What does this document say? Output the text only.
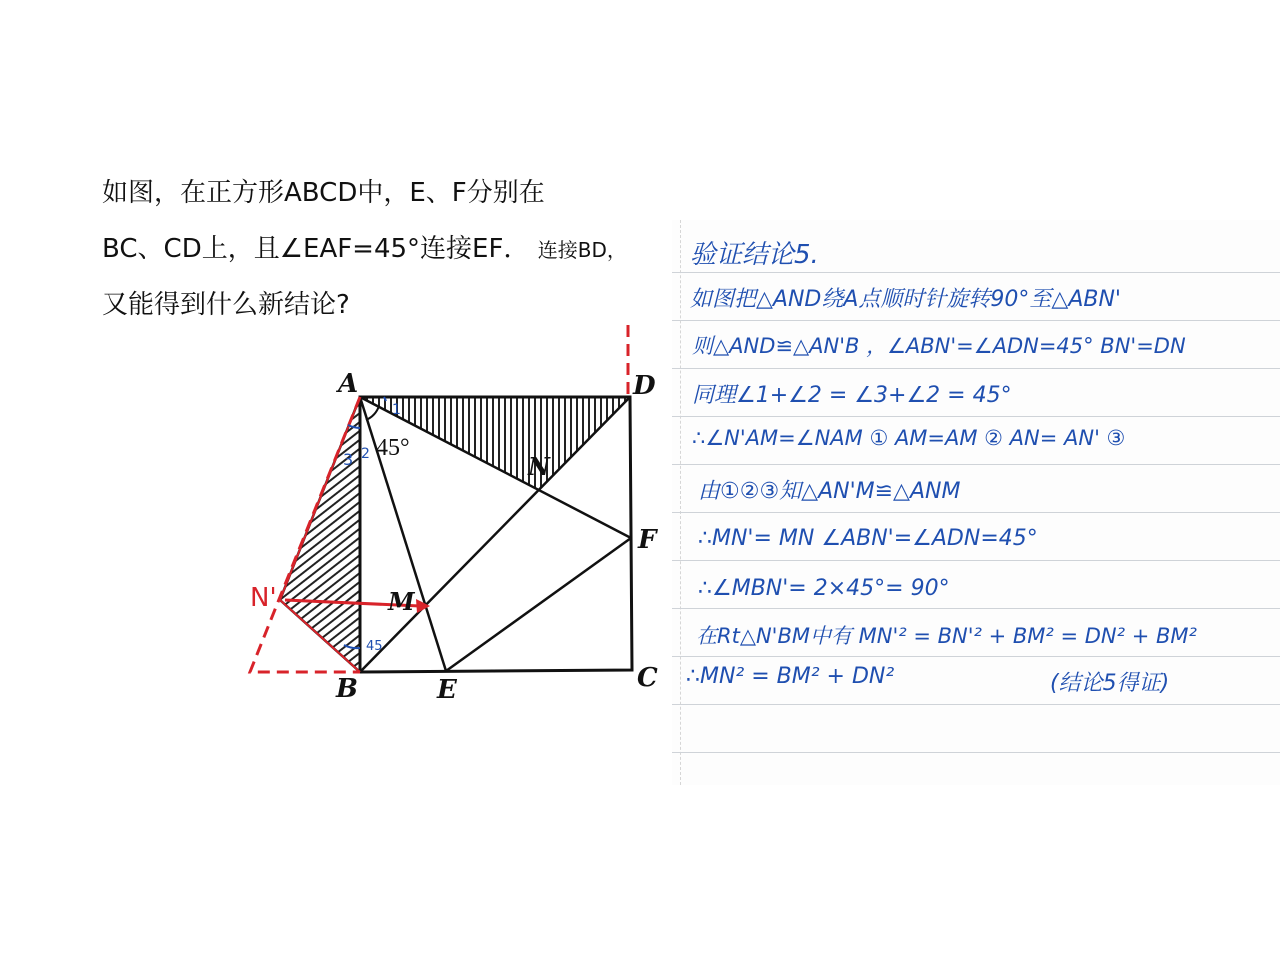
如图，在正方形ABCD中，E、F分别在
BC、CD上，且∠EAF=45°连接EF． 连接BD，
又能得到什么新结论?
A	D
B	C
E
F
M
N
N'
45°
1
2
3
45
验证结论5.
如图把△AND绕A点顺时针旋转90°至△ABN'
则△AND≌△AN'B ，∠ABN'=∠ADN=45° BN'=DN
同理∠1+∠2 = ∠3+∠2 = 45°
∴∠N'AM=∠NAM ① AM=AM ② AN= AN' ③
由①②③知△AN'M≌△ANM
∴MN'= MN ∠ABN'=∠ADN=45°
∴∠MBN'= 2×45°= 90°
在Rt△N'BM中有 MN'² = BN'² + BM² = DN² + BM²
∴MN² = BM² + DN²	(结论5得证)
